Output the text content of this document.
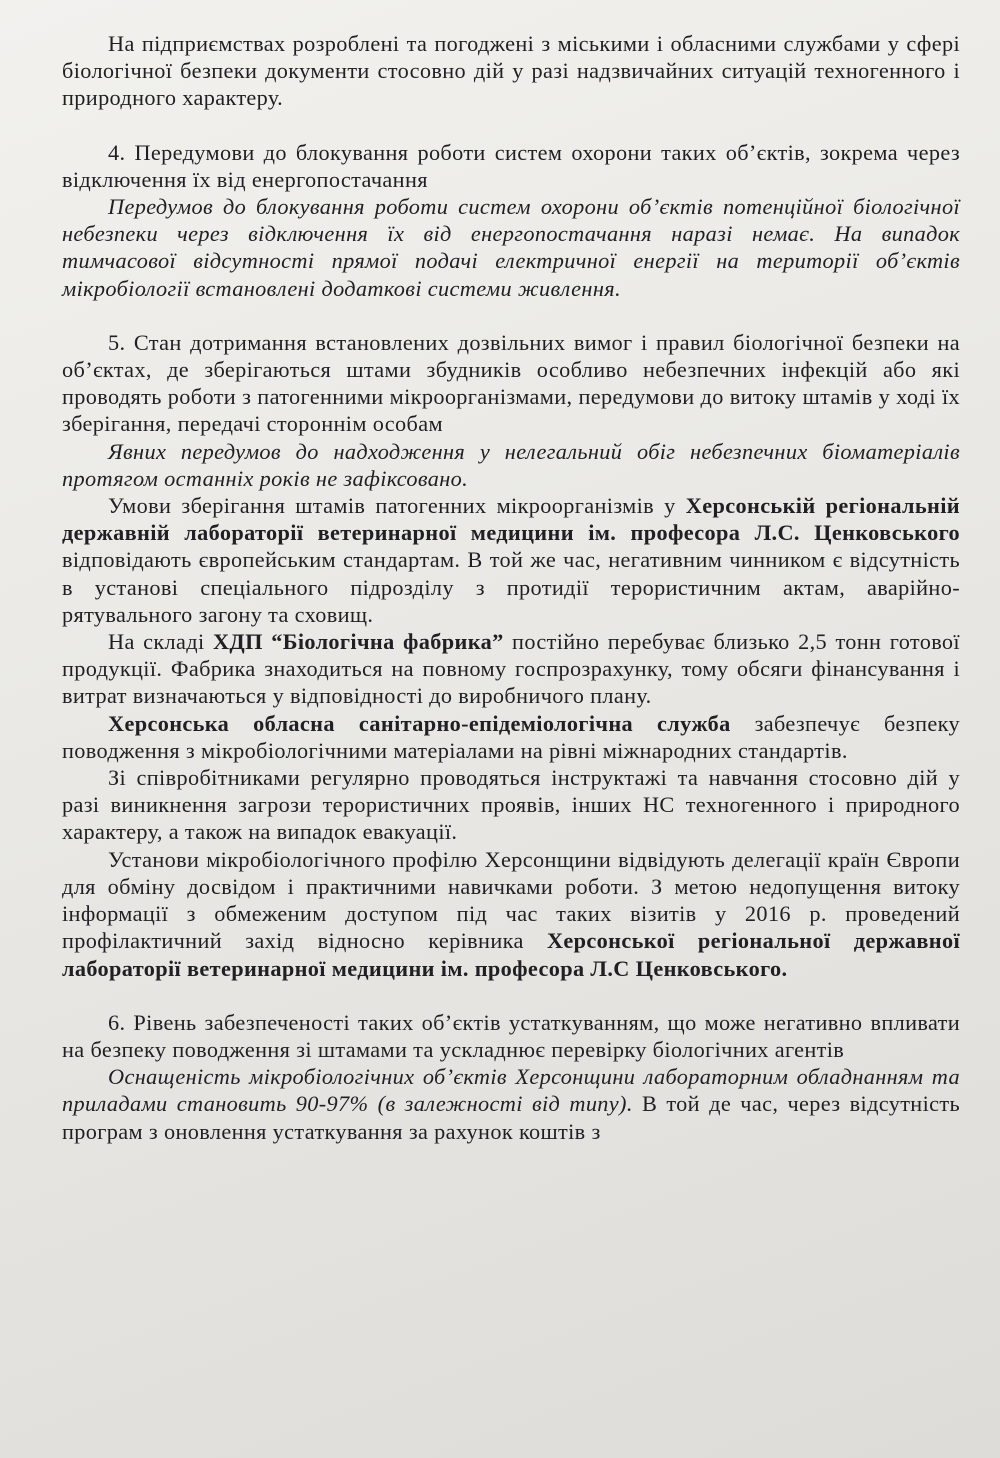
На підприємствах розроблені та погоджені з міськими і обласними службами у сфері біологічної безпеки документи стосовно дій у разі надзвичайних ситуацій техногенного і природного характеру.

4. Передумови до блокування роботи систем охорони таких об’єктів, зокрема через відключення їх від енергопостачання

Передумов до блокування роботи систем охорони об’єктів потенційної біологічної небезпеки через відключення їх від енергопостачання наразі немає. На випадок тимчасової відсутності прямої подачі електричної енергії на території об’єктів мікробіології встановлені додаткові системи живлення.

5. Стан дотримання встановлених дозвільних вимог і правил біологічної безпеки на об’єктах, де зберігаються штами збудників особливо небезпечних інфекцій або які проводять роботи з патогенними мікроорганізмами, передумови до витоку штамів у ході їх зберігання, передачі стороннім особам

Явних передумов до надходження у нелегальний обіг небезпечних біоматеріалів протягом останніх років не зафіксовано.

Умови зберігання штамів патогенних мікроорганізмів у Херсонській регіональній державній лабораторії ветеринарної медицини ім. професора Л.С. Ценковського відповідають європейським стандартам. В той же час, негативним чинником є відсутність в установі спеціального підрозділу з протидії терористичним актам, аварійно-рятувального загону та сховищ.

На складі ХДП “Біологічна фабрика” постійно перебуває близько 2,5 тонн готової продукції. Фабрика знаходиться на повному госпрозрахунку, тому обсяги фінансування і витрат визначаються у відповідності до виробничого плану.

Херсонська обласна санітарно-епідеміологічна служба забезпечує безпеку поводження з мікробіологічними матеріалами на рівні міжнародних стандартів.

Зі співробітниками регулярно проводяться інструктажі та навчання стосовно дій у разі виникнення загрози терористичних проявів, інших НС техногенного і природного характеру, а також на випадок евакуації.

Установи мікробіологічного профілю Херсонщини відвідують делегації країн Європи для обміну досвідом і практичними навичками роботи. З метою недопущення витоку інформації з обмеженим доступом під час таких візитів у 2016 р. проведений профілактичний захід відносно керівника Херсонської регіональної державної лабораторії ветеринарної медицини ім. професора Л.С Ценковського.

6. Рівень забезпеченості таких об’єктів устаткуванням, що може негативно впливати на безпеку поводження зі штамами та ускладнює перевірку біологічних агентів

Оснащеність мікробіологічних об’єктів Херсонщини лабораторним обладнанням та приладами становить 90-97% (в залежності від типу). В той де час, через відсутність програм з оновлення устаткування за рахунок коштів з
